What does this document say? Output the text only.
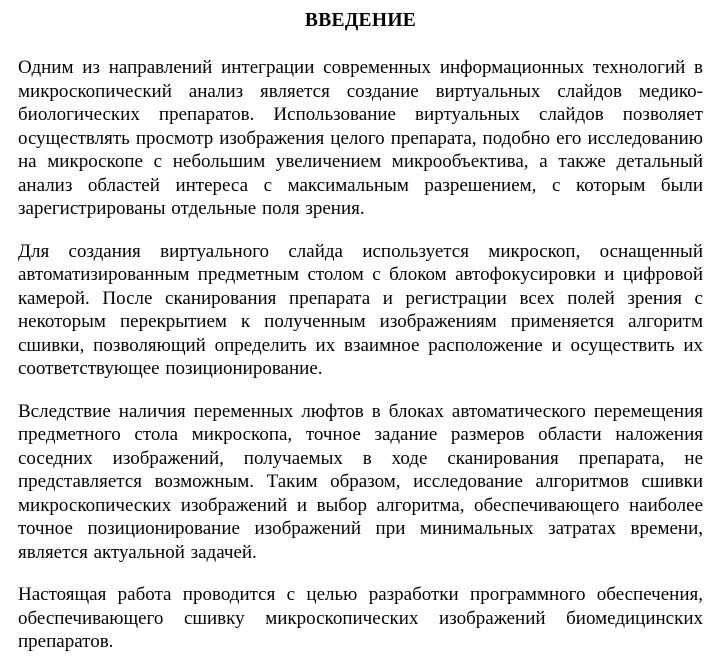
ВВЕДЕНИЕ

Одним из направлений интеграции современных информационных технологий в микроскопический анализ является создание виртуальных слайдов медико-биологических препаратов. Использование виртуальных слайдов позволяет осуществлять просмотр изображения целого препарата, подобно его исследованию на микроскопе с небольшим увеличением микрообъектива, а также детальный анализ областей интереса с максимальным разрешением, с которым были зарегистрированы отдельные поля зрения.

Для создания виртуального слайда используется микроскоп, оснащенный автоматизированным предметным столом с блоком автофокусировки и цифровой камерой. После сканирования препарата и регистрации всех полей зрения с некоторым перекрытием к полученным изображениям применяется алгоритм сшивки, позволяющий определить их взаимное расположение и осуществить их соответствующее позиционирование.

Вследствие наличия переменных люфтов в блоках автоматического перемещения предметного стола микроскопа, точное задание размеров области наложения соседних изображений, получаемых в ходе сканирования препарата, не представляется возможным. Таким образом, исследование алгоритмов сшивки микроскопических изображений и выбор алгоритма, обеспечивающего наиболее точное позиционирование изображений при минимальных затратах времени, является актуальной задачей.

Настоящая работа проводится с целью разработки программного обеспечения, обеспечивающего сшивку микроскопических изображений биомедицинских препаратов.
